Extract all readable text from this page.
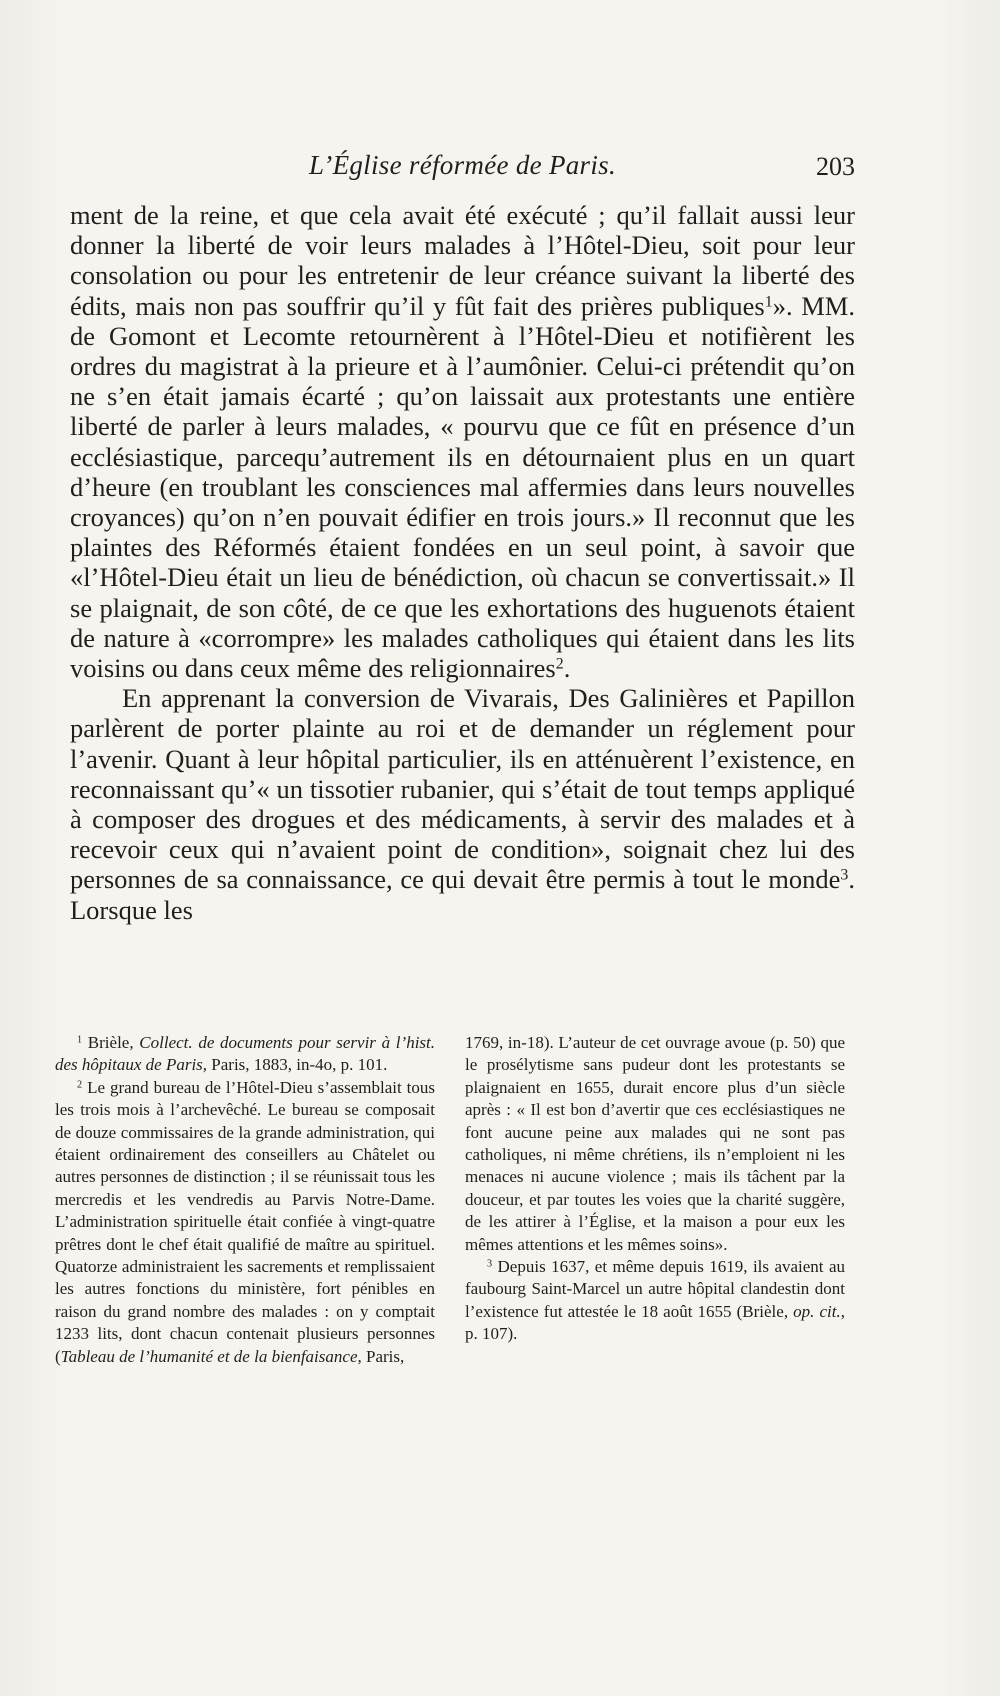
L’Église réformée de Paris.	203

ment de la reine, et que cela avait été exécuté ; qu’il fallait aussi leur donner la liberté de voir leurs malades à l’Hôtel-Dieu, soit pour leur consolation ou pour les entretenir de leur créance suivant la liberté des édits, mais non pas souffrir qu’il y fût fait des prières publiques$^1$». MM. de Gomont et Lecomte retournèrent à l’Hôtel-Dieu et notifièrent les ordres du magistrat à la prieure et à l’aumônier. Celui-ci prétendit qu’on ne s’en était jamais écarté ; qu’on laissait aux protestants une entière liberté de parler à leurs malades, « pourvu que ce fût en présence d’un ecclésiastique, parcequ’autrement ils en détournaient plus en un quart d’heure (en troublant les consciences mal affermies dans leurs nouvelles croyances) qu’on n’en pouvait édifier en trois jours.» Il reconnut que les plaintes des Réformés étaient fondées en un seul point, à savoir que «l’Hôtel-Dieu était un lieu de bénédiction, où chacun se convertissait.» Il se plaignait, de son côté, de ce que les exhortations des huguenots étaient de nature à «corrompre» les malades catholiques qui étaient dans les lits voisins ou dans ceux même des religionnaires$^2$.

En apprenant la conversion de Vivarais, Des Galinières et Papillon parlèrent de porter plainte au roi et de demander un réglement pour l’avenir. Quant à leur hôpital particulier, ils en atténuèrent l’existence, en reconnaissant qu’« un tissotier rubanier, qui s’était de tout temps appliqué à composer des drogues et des médicaments, à servir des malades et à recevoir ceux qui n’avaient point de condition», soignait chez lui des personnes de sa connaissance, ce qui devait être permis à tout le monde$^3$. Lorsque les

$^1$ Brièle, Collect. de documents pour servir à l’hist. des hôpitaux de Paris, Paris, 1883, in-4o, p. 101.

$^2$ Le grand bureau de l’Hôtel-Dieu s’assemblait tous les trois mois à l’archevêché. Le bureau se composait de douze commissaires de la grande administration, qui étaient ordinairement des conseillers au Châtelet ou autres personnes de distinction ; il se réunissait tous les mercredis et les vendredis au Parvis Notre-Dame. L’administration spirituelle était confiée à vingt-quatre prêtres dont le chef était qualifié de maître au spirituel. Quatorze administraient les sacrements et remplissaient les autres fonctions du ministère, fort pénibles en raison du grand nombre des malades : on y comptait 1233 lits, dont chacun contenait plusieurs personnes (Tableau de l’humanité et de la bienfaisance, Paris,

1769, in-18). L’auteur de cet ouvrage avoue (p. 50) que le prosélytisme sans pudeur dont les protestants se plaignaient en 1655, durait encore plus d’un siècle après : « Il est bon d’avertir que ces ecclésiastiques ne font aucune peine aux malades qui ne sont pas catholiques, ni même chrétiens, ils n’emploient ni les menaces ni aucune violence ; mais ils tâchent par la douceur, et par toutes les voies que la charité suggère, de les attirer à l’Église, et la maison a pour eux les mêmes attentions et les mêmes soins».

$^3$ Depuis 1637, et même depuis 1619, ils avaient au faubourg Saint-Marcel un autre hôpital clandestin dont l’existence fut attestée le 18 août 1655 (Brièle, op. cit., p. 107).
